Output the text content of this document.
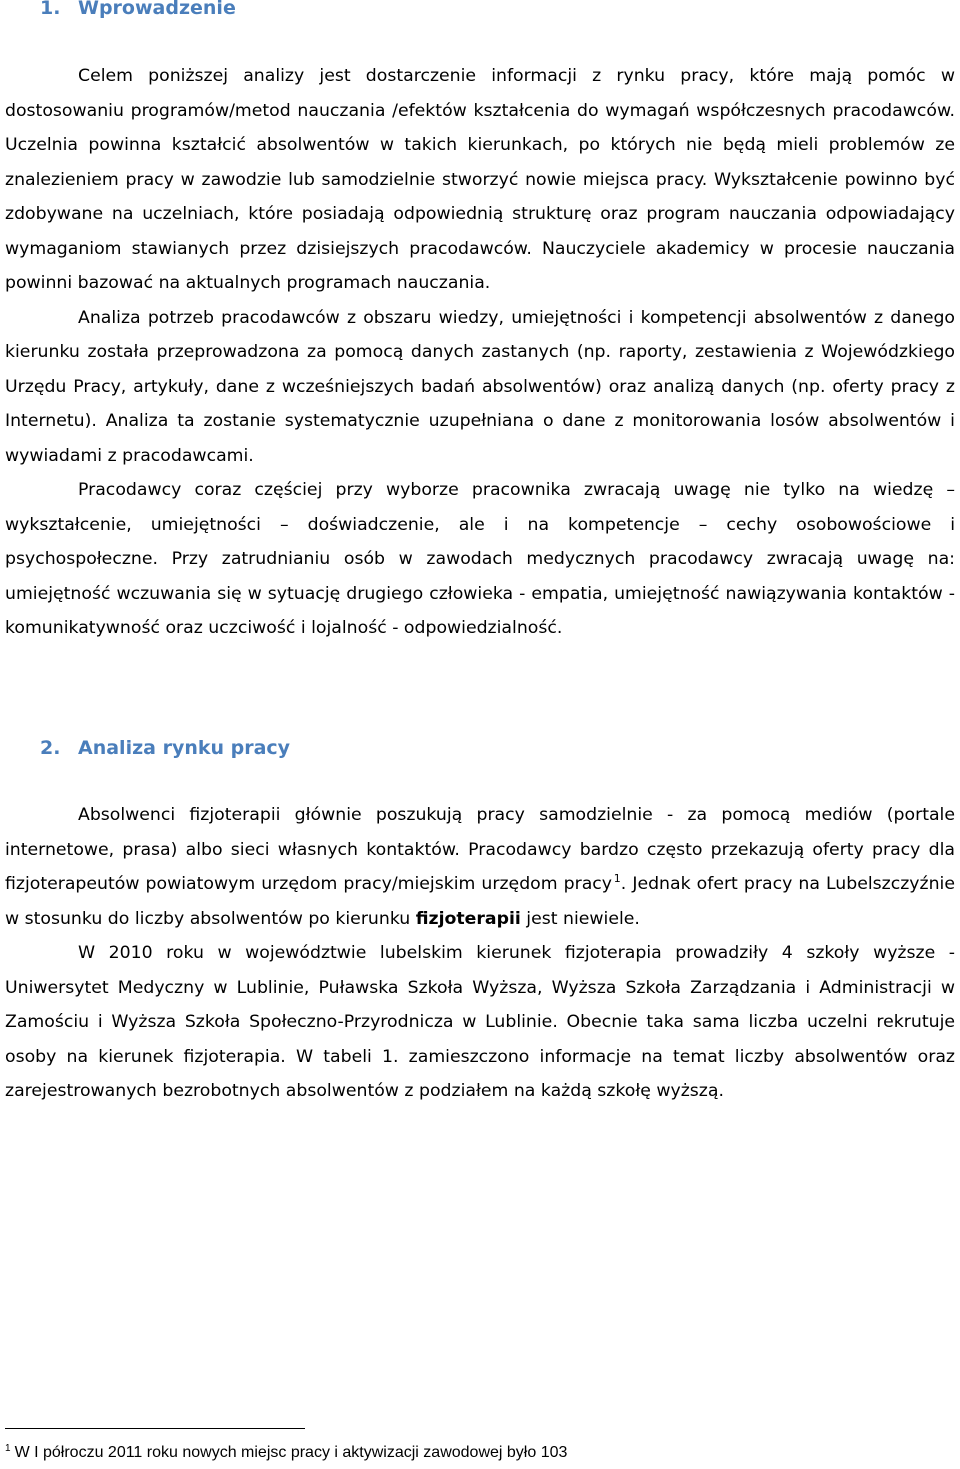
1. Wprowadzenie

Celem poniższej analizy jest dostarczenie informacji z rynku pracy, które mają pomóc w dostosowaniu programów/metod nauczania /efektów kształcenia do wymagań współczesnych pracodawców. Uczelnia powinna kształcić absolwentów w takich kierunkach, po których nie będą mieli problemów ze znalezieniem pracy w zawodzie lub samodzielnie stworzyć nowie miejsca pracy. Wykształcenie powinno być zdobywane na uczelniach, które posiadają odpowiednią strukturę oraz program nauczania odpowiadający wymaganiom stawianych przez dzisiejszych pracodawców. Nauczyciele akademicy w procesie nauczania powinni bazować na aktualnych programach nauczania.

Analiza potrzeb pracodawców z obszaru wiedzy, umiejętności i kompetencji absolwentów z danego kierunku została przeprowadzona za pomocą danych zastanych (np. raporty, zestawienia z Wojewódzkiego Urzędu Pracy, artykuły, dane z wcześniejszych badań absolwentów) oraz analizą danych (np. oferty pracy z Internetu). Analiza ta zostanie systematycznie uzupełniana o dane z monitorowania losów absolwentów i wywiadami z pracodawcami.

Pracodawcy coraz częściej przy wyborze pracownika zwracają uwagę nie tylko na wiedzę – wykształcenie, umiejętności – doświadczenie, ale i na kompetencje – cechy osobowościowe i psychospołeczne. Przy zatrudnianiu osób w zawodach medycznych pracodawcy zwracają uwagę na: umiejętność wczuwania się w sytuację drugiego człowieka - empatia, umiejętność nawiązywania kontaktów - komunikatywność oraz uczciwość i lojalność - odpowiedzialność.

2. Analiza rynku pracy

Absolwenci fizjoterapii głównie poszukują pracy samodzielnie - za pomocą mediów (portale internetowe, prasa) albo sieci własnych kontaktów. Pracodawcy bardzo często przekazują oferty pracy dla fizjoterapeutów powiatowym urzędom pracy/miejskim urzędom pracy  $^1$. Jednak ofert pracy na Lubelszczyźnie w stosunku do liczby absolwentów po kierunku fizjoterapii jest niewiele.

W 2010 roku w województwie lubelskim kierunek fizjoterapia prowadziły 4 szkoły wyższe - Uniwersytet Medyczny w Lublinie, Puławska Szkoła Wyższa, Wyższa Szkoła Zarządzania i Administracji w Zamościu i Wyższa Szkoła Społeczno-Przyrodnicza w Lublinie. Obecnie taka sama liczba uczelni rekrutuje osoby na kierunek fizjoterapia. W tabeli 1. zamieszczono informacje na temat liczby absolwentów oraz zarejestrowanych bezrobotnych absolwentów z podziałem na każdą szkołę wyższą.

$^1$ W I półroczu 2011 roku nowych miejsc pracy i aktywizacji zawodowej było 103
